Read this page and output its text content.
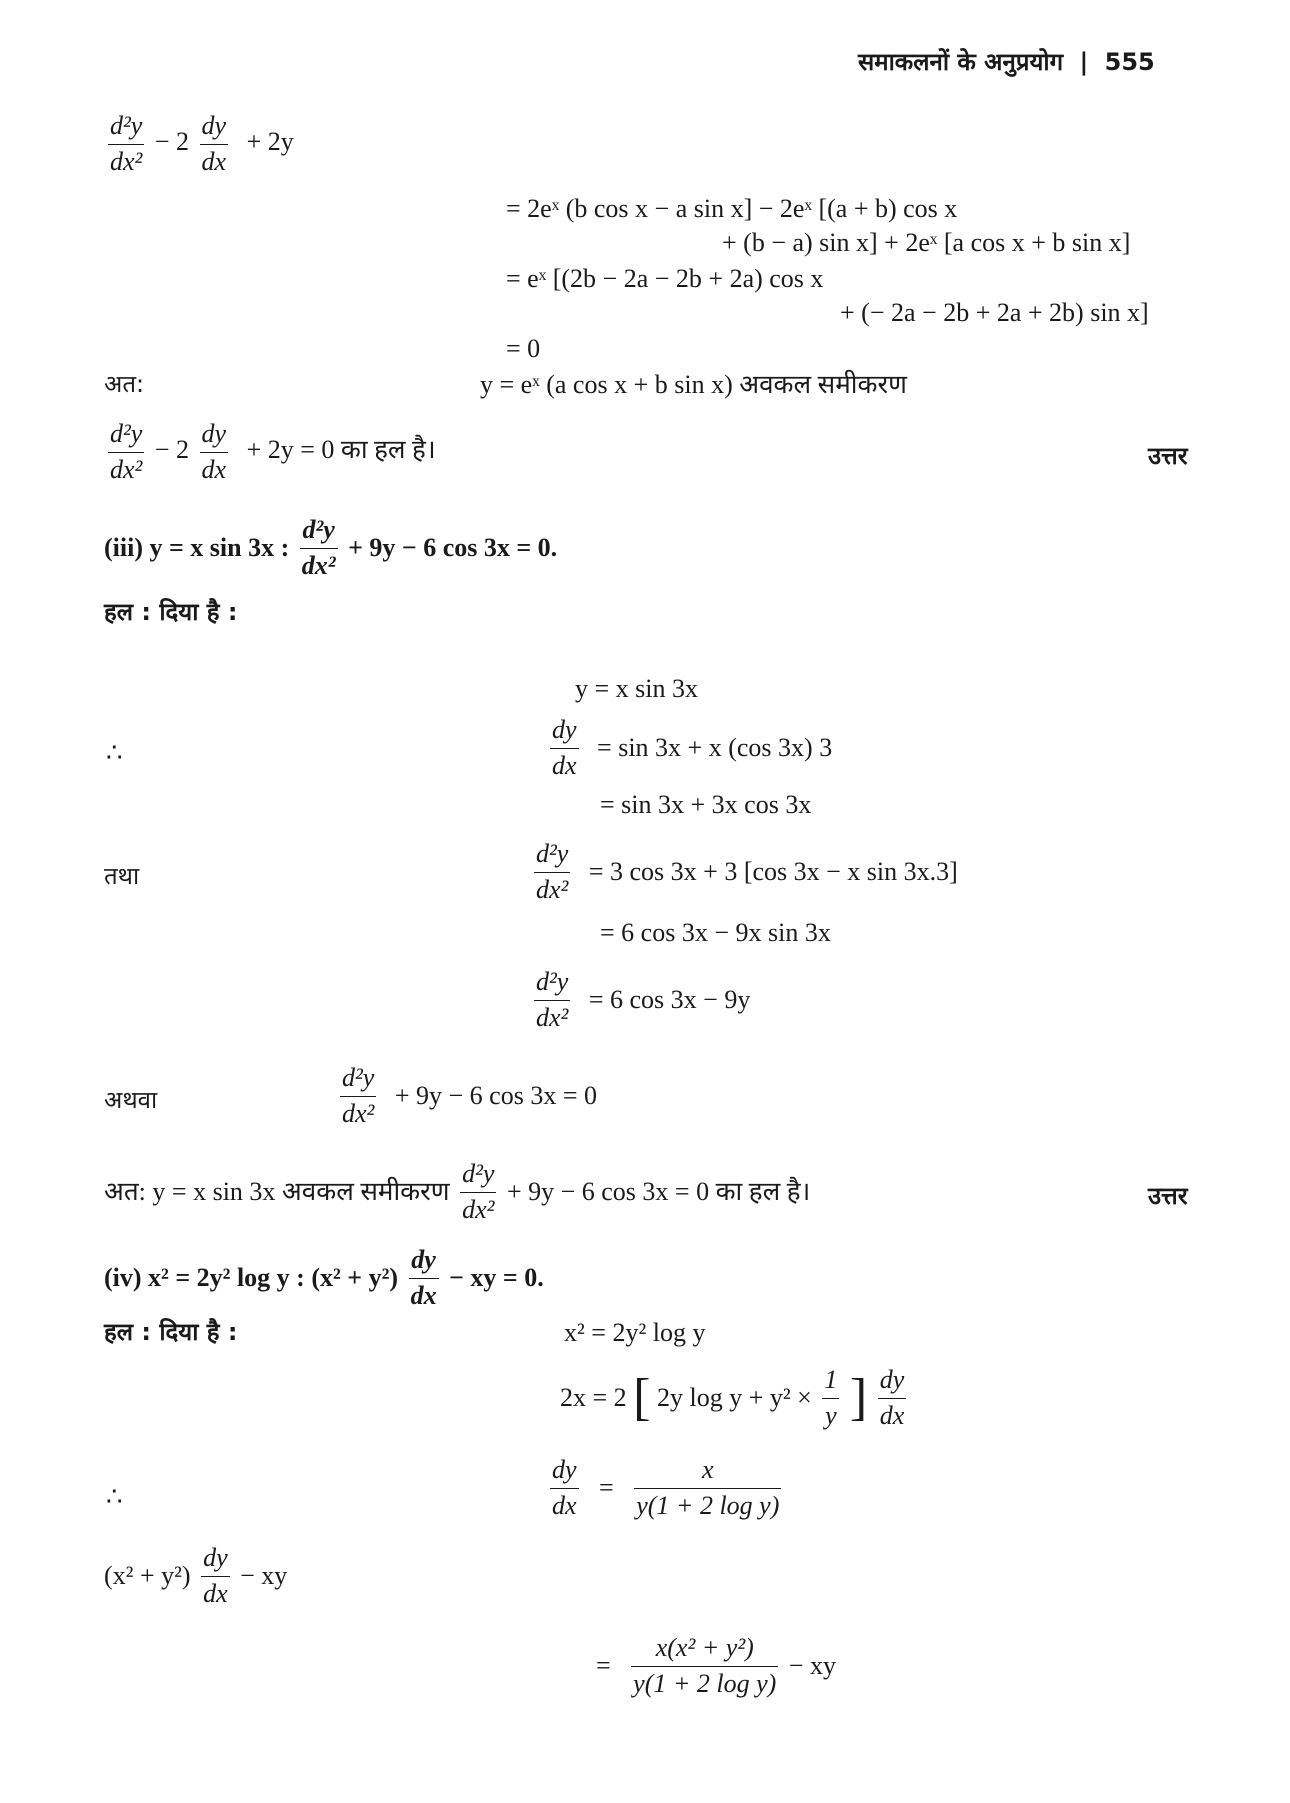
समाकलनों के अनुप्रयोग | 555
$\frac{\text{d²y}}{\text{dx²}} - 2 \frac{dy}{dx} + 2y$
= 2eˣ (b cos x − a sin x] − 2eˣ [(a + b) cos x
+ (b − a) sin x] + 2eˣ [a cos x + b sin x]
= eˣ [(2b − 2a − 2b + 2a) cos x
+ (− 2a − 2b + 2a + 2b) sin x]
= 0
अत:	y = eˣ (a cos x + b sin x) अवकल समीकरण
$\frac{\text{d²y}}{\text{dx²}} - 2 \frac{dy}{dx} + 2y = 0$ का हल है।	उत्तर
(iii) y = x sin 3x : $\frac{\text{d²y}}{\text{dx²}} + 9y - 6$ cos 3x = 0.
हल : दिया है :
y = x sin 3x
∴	$\frac{dy}{dx} = \sin 3x + x$ (cos 3x) 3
= sin 3x + 3x cos 3x
तथा	$\frac{\text{d²y}}{\text{dx²}} = 3$ cos 3x + 3 [cos 3x − x sin 3x.3]
= 6 cos 3x − 9x sin 3x
$\frac{\text{d²y}}{\text{dx²}} = 6$ cos 3x − 9y
अथवा	$\frac{\text{d²y}}{\text{dx²}} + 9y - 6$ cos 3x = 0
अत: y = x sin 3x अवकल समीकरण $\frac{\text{d²y}}{\text{dx²}} + 9y - 6$ cos 3x = 0 का हल है।	उत्तर
(iv) x² = 2y² log y : $(x^2 + y^2) \frac{dy}{dx}$ − xy = 0.
हल : दिया है :	x² = 2y² log y
2x = 2 [ 2y $\log y + y^2 \times \frac{1}{y}$ ] $\frac{dy}{dx}$
∴	$\frac{dy}{dx} = \frac{x}{\text{y(1 + 2 log y)}}$
$(x^2 + y^2) \frac{dy}{dx}$ − xy
= $\frac{\text{x(x² + y²)}}{\text{y(1 + 2 log y)}}$ − xy
